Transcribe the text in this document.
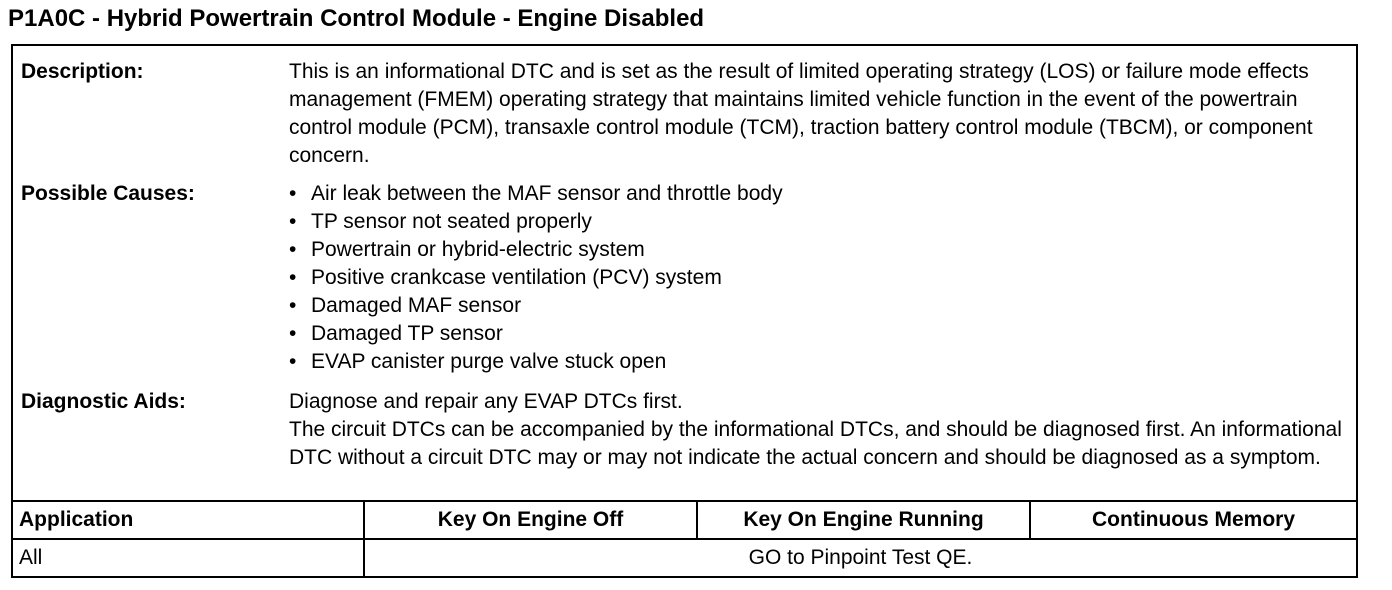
P1A0C - Hybrid Powertrain Control Module - Engine Disabled
Description:	This is an informational DTC and is set as the result of limited operating strategy (LOS) or failure mode effects management (FMEM) operating strategy that maintains limited vehicle function in the event of the powertrain control module (PCM), transaxle control module (TCM), traction battery control module (TBCM), or component concern.

Possible Causes:	• Air leak between the MAF sensor and throttle body
• TP sensor not seated properly
• Powertrain or hybrid-electric system
• Positive crankcase ventilation (PCV) system
• Damaged MAF sensor
• Damaged TP sensor
• EVAP canister purge valve stuck open
Diagnostic Aids:	Diagnose and repair any EVAP DTCs first.

The circuit DTCs can be accompanied by the informational DTCs, and should be diagnosed first. An informational DTC without a circuit DTC may or may not indicate the actual concern and should be diagnosed as a symptom.

Application	Key On Engine Off	Key On Engine Running	Continuous Memory
All	GO to Pinpoint Test QE.		
